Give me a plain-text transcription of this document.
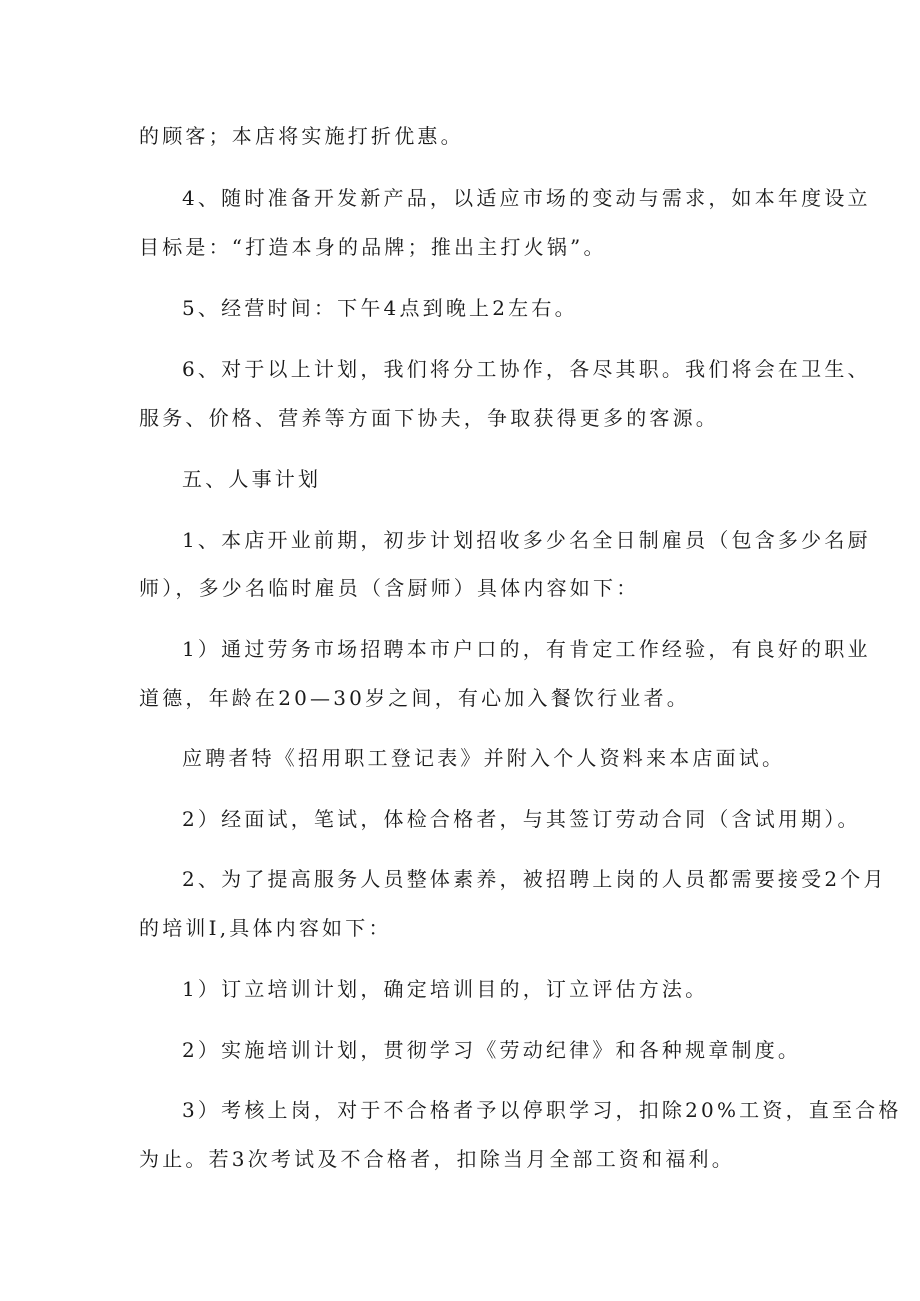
的顾客；本店将实施打折优惠。
4、随时准备开发新产品，以适应市场的变动与需求，如本年度设立
目标是：“打造本身的品牌；推出主打火锅”。
5、经营时间：下午4点到晚上2左右。
6、对于以上计划，我们将分工协作，各尽其职。我们将会在卫生、
服务、价格、营养等方面下协夫，争取获得更多的客源。
五、人事计划
1、本店开业前期，初步计划招收多少名全日制雇员（包含多少名厨
师），多少名临时雇员（含厨师）具体内容如下：
1）通过劳务市场招聘本市户口的，有肯定工作经验，有良好的职业
道德，年龄在20—30岁之间，有心加入餐饮行业者。
应聘者特《招用职工登记表》并附入个人资料来本店面试。
2）经面试，笔试，体检合格者，与其签订劳动合同（含试用期）。
2、为了提高服务人员整体素养，被招聘上岗的人员都需要接受2个月
的培训I,具体内容如下：
1）订立培训计划，确定培训目的，订立评估方法。
2）实施培训计划，贯彻学习《劳动纪律》和各种规章制度。
3）考核上岗，对于不合格者予以停职学习，扣除20%工资，直至合格
为止。若3次考试及不合格者，扣除当月全部工资和福利。
